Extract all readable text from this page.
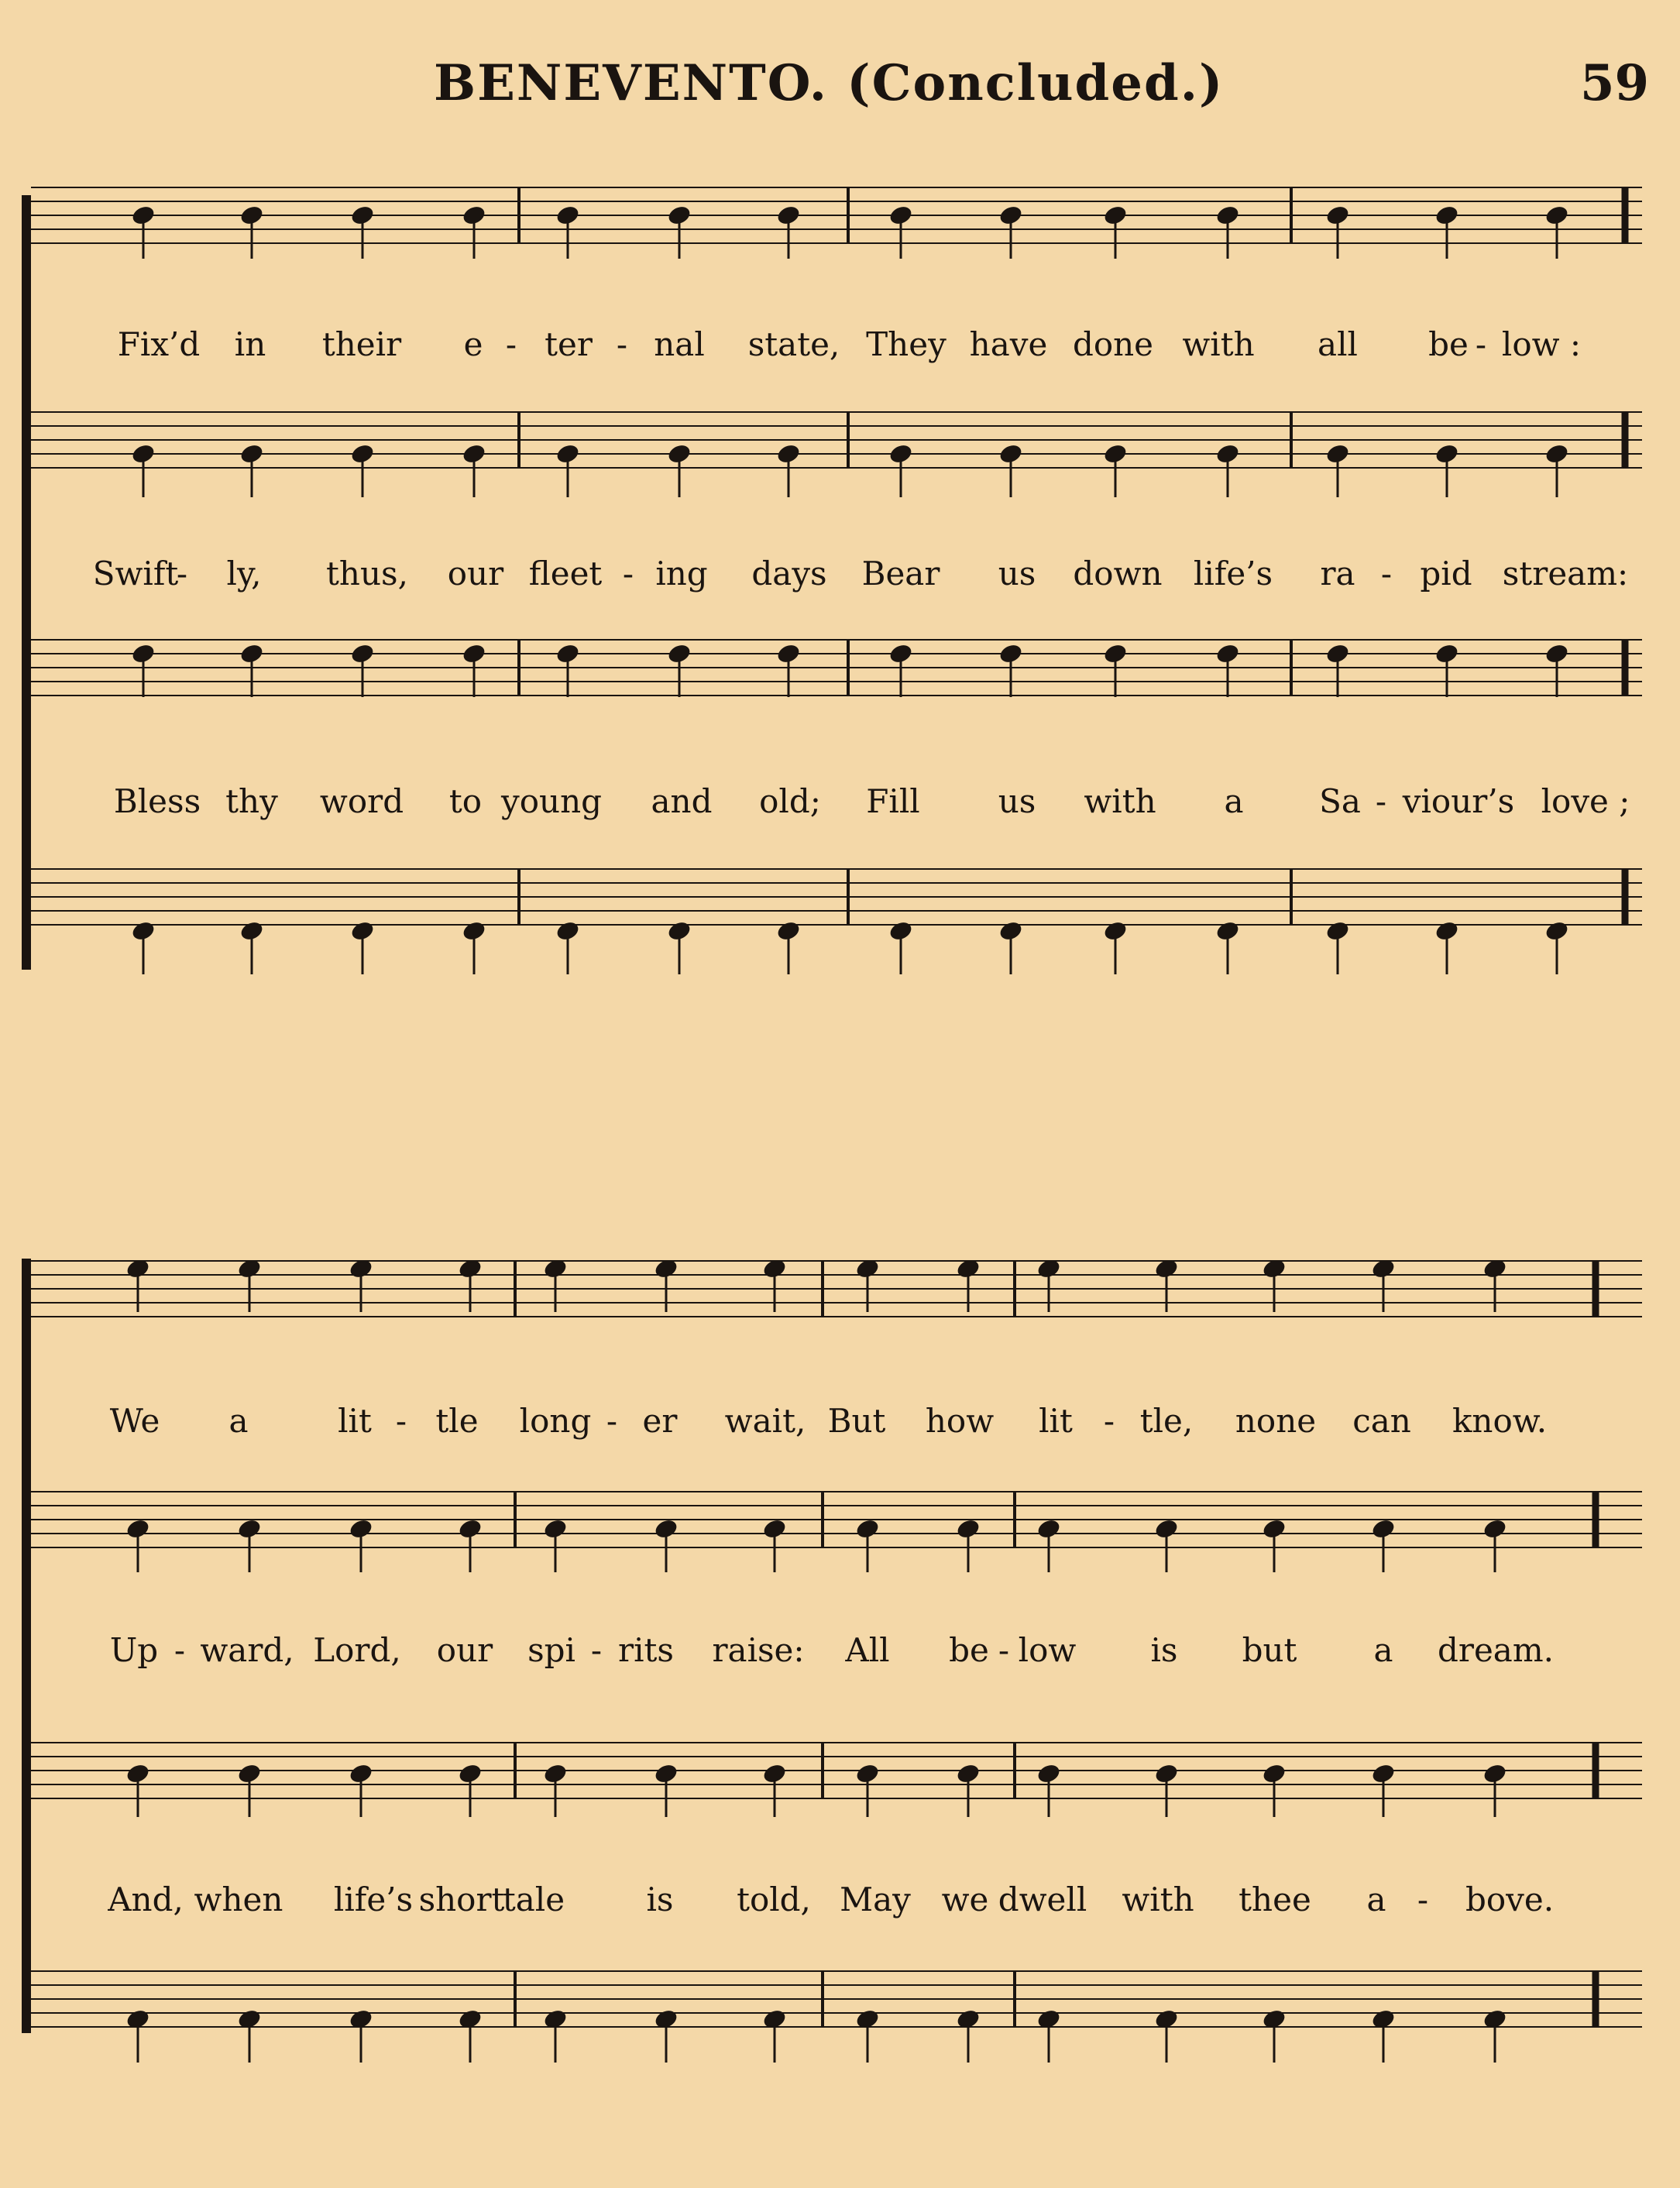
BENEVENTO. (Concluded.)	59
Fix’d in their e - ter - nal state, They have done with all be - low :
Swift
- ly, thus, our fleet - ing days Bear us down life’s ra - pid stream:
Bless thy word to young and old; Fill us with a Sa - viour’s love ;
We a	lit - tle long - er wait, But how lit - tle, none can know.
Up - ward, Lord, our spi - rits raise: All be - low is but a dream.
And, when life’s short
tale	is told, May we dwell with thee a - bove.
